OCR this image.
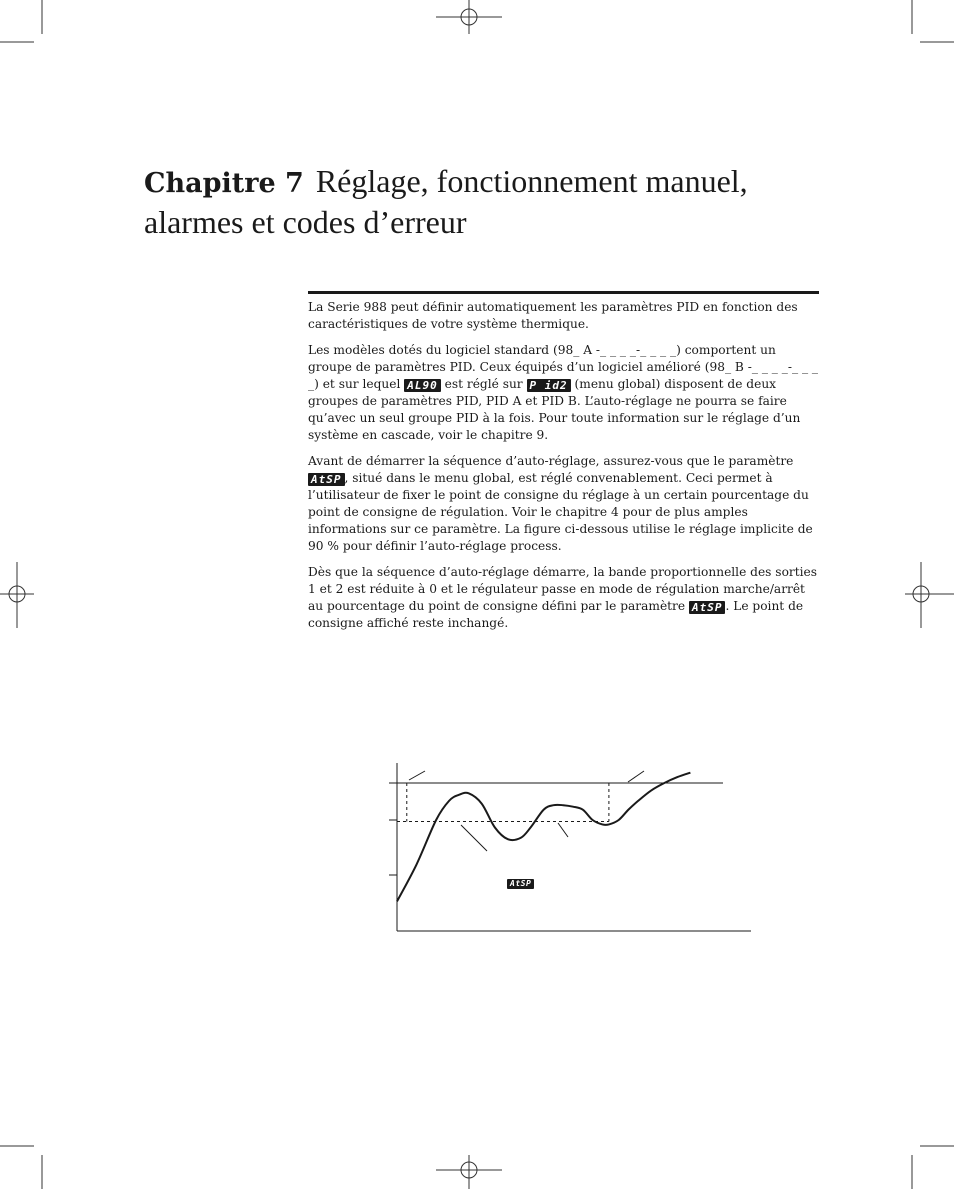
Chapitre 7 Réglage, fonctionnement manuel, alarmes et codes d’erreur

La Serie 988 peut définir automatiquement les paramètres PID en fonction des caractéristiques de votre système thermique.

Les modèles dotés du logiciel standard (98_ A -_ _ _ _-_ _ _ _) comportent un groupe de paramètres PID. Ceux équipés d’un logiciel amélioré (98_ B -_ _ _ _-_ _ _ _) et sur lequel AL90 est réglé sur P id2 (menu global) disposent de deux groupes de paramètres PID, PID A et PID B. L’auto-réglage ne pourra se faire qu’avec un seul groupe PID à la fois. Pour toute information sur le réglage d’un système en cascade, voir le chapitre 9.

Avant de démarrer la séquence d’auto-réglage, assurez-vous que le paramètre AtSP , situé dans le menu global, est réglé convenablement. Ceci permet à l’utilisateur de fixer le point de consigne du réglage à un certain pourcentage du point de consigne de régulation. Voir le chapitre 4 pour de plus amples informations sur ce paramètre. La figure ci-dessous utilise le réglage implicite de 90 % pour définir l’auto-réglage process.

Dès que la séquence d’auto-réglage démarre, la bande proportionnelle des sorties 1 et 2 est réduite à 0 et le régulateur passe en mode de régulation marche/arrêt au pourcentage du point de consigne défini par le paramètre AtSP . Le point de consigne affiché reste inchangé.

AtSP
